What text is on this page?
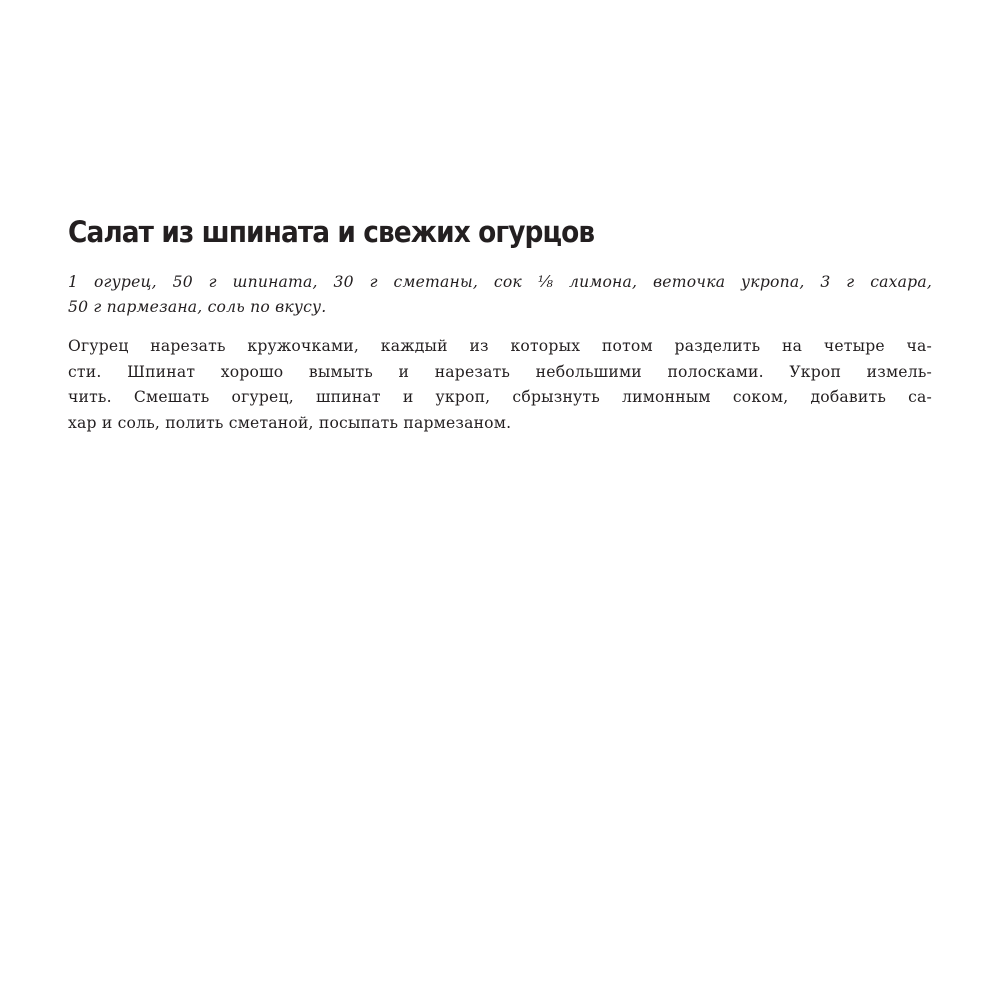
Салат из шпината и свежих огурцов

1 огурец, 50 г шпината, 30 г сметаны, сок ⅛ лимона, веточка укропа, 3 г сахара,
50 г пармезана, соль по вкусу.

Огурец нарезать кружочками, каждый из которых потом разделить на четыре ча-
сти. Шпинат хорошо вымыть и нарезать небольшими полосками. Укроп измель-
чить. Смешать огурец, шпинат и укроп, сбрызнуть лимонным соком, добавить са-
хар и соль, полить сметаной, посыпать пармезаном.
